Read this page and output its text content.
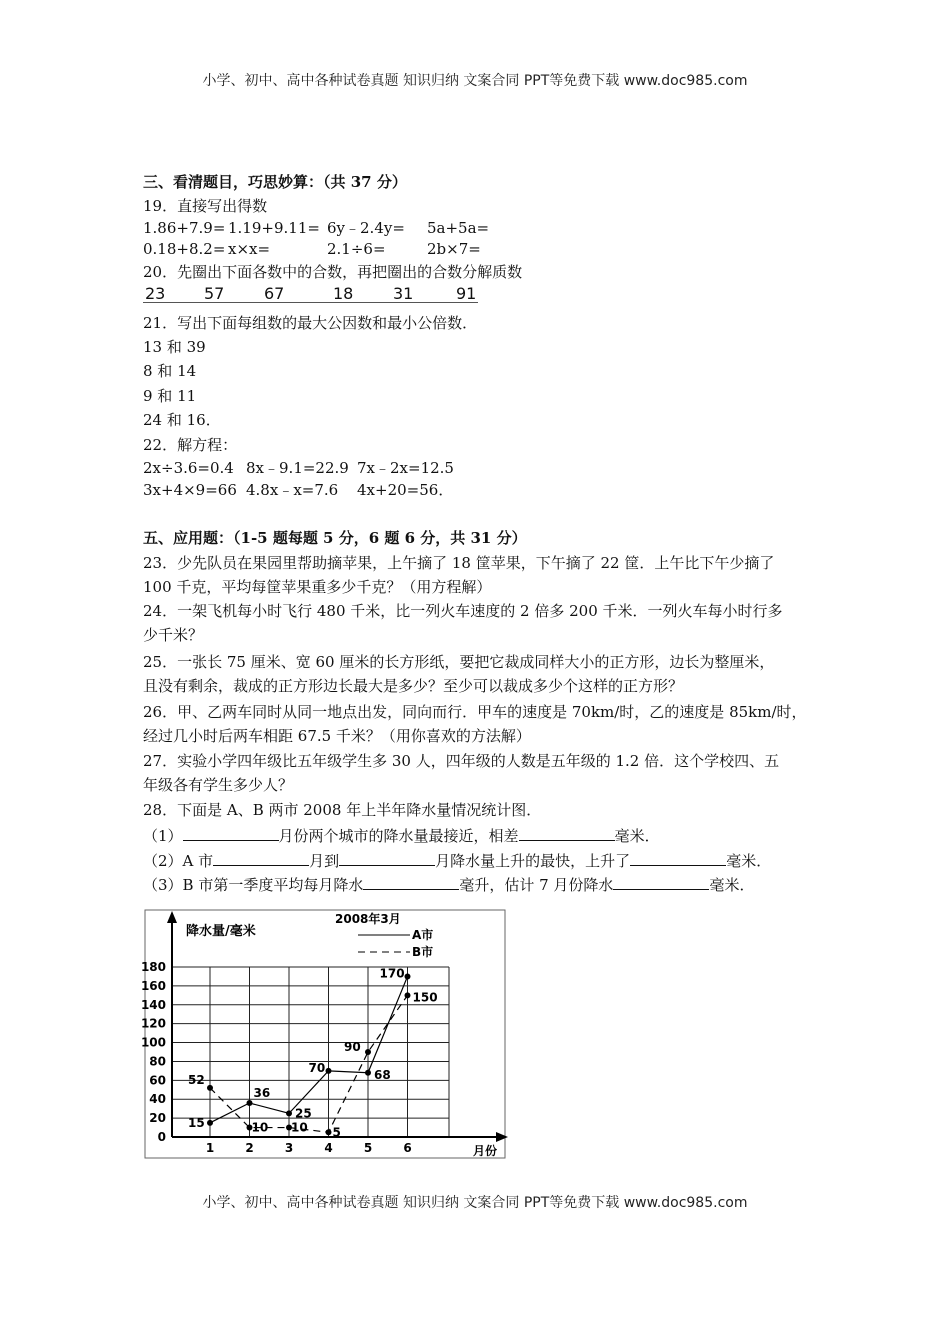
小学、初中、高中各种试卷真题 知识归纳 文案合同 PPT等免费下载 www.doc985.com
三、看清题目，巧思妙算：（共 37 分）
19．直接写出得数
1.86+7.9= 1.19+9.11= 6y﹣2.4y= 5a+5a=
0.18+8.2= x×x=	2.1÷6=	2b×7=
20．先圈出下面各数中的合数，再把圈出的合数分解质数
23 57 67	18 31	91
21．写出下面每组数的最大公因数和最小公倍数．
13 和 39
8 和 14
9 和 11
24 和 16．
22．解方程：
2x÷3.6=0.4 8x﹣9.1=22.9 7x﹣2x=12.5
3x+4×9=66 4.8x﹣x=7.6 4x+20=56．
五、应用题：（1-5 题每题 5 分，6 题 6 分，共 31 分）
23．少先队员在果园里帮助摘苹果，上午摘了 18 筐苹果，下午摘了 22 筐．上午比下午少摘了
100 千克，平均每筐苹果重多少千克？（用方程解）
24．一架飞机每小时飞行 480 千米，比一列火车速度的 2 倍多 200 千米．一列火车每小时行多
少千米？
25．一张长 75 厘米、宽 60 厘米的长方形纸，要把它裁成同样大小的正方形，边长为整厘米，
且没有剩余，裁成的正方形边长最大是多少？至少可以裁成多少个这样的正方形？
26．甲、乙两车同时从同一地点出发，同向而行．甲车的速度是 70km/时，乙的速度是 85km/时，
经过几小时后两车相距 67.5 千米？（用你喜欢的方法解）
27．实验小学四年级比五年级学生多 30 人，四年级的人数是五年级的 1.2 倍．这个学校四、五
年级各有学生多少人？
28．下面是 A、B 两市 2008 年上半年降水量情况统计图．
（1）	月份两个城市的降水量最接近，相差	毫米．
（2）A 市	月到	月降水量上升的最快，上升了	毫米．
（3）B 市第一季度平均每月降水	毫升，估计 7 月份降水	毫米．
0
20
40
60
80
100
120
140
160
180
1	2	3	4	5	6
降水量/毫米
月份
2008年3月
A市
B市
15
36
25
70	68
170
52
10 10 5
90
150
小学、初中、高中各种试卷真题 知识归纳 文案合同 PPT等免费下载 www.doc985.com
